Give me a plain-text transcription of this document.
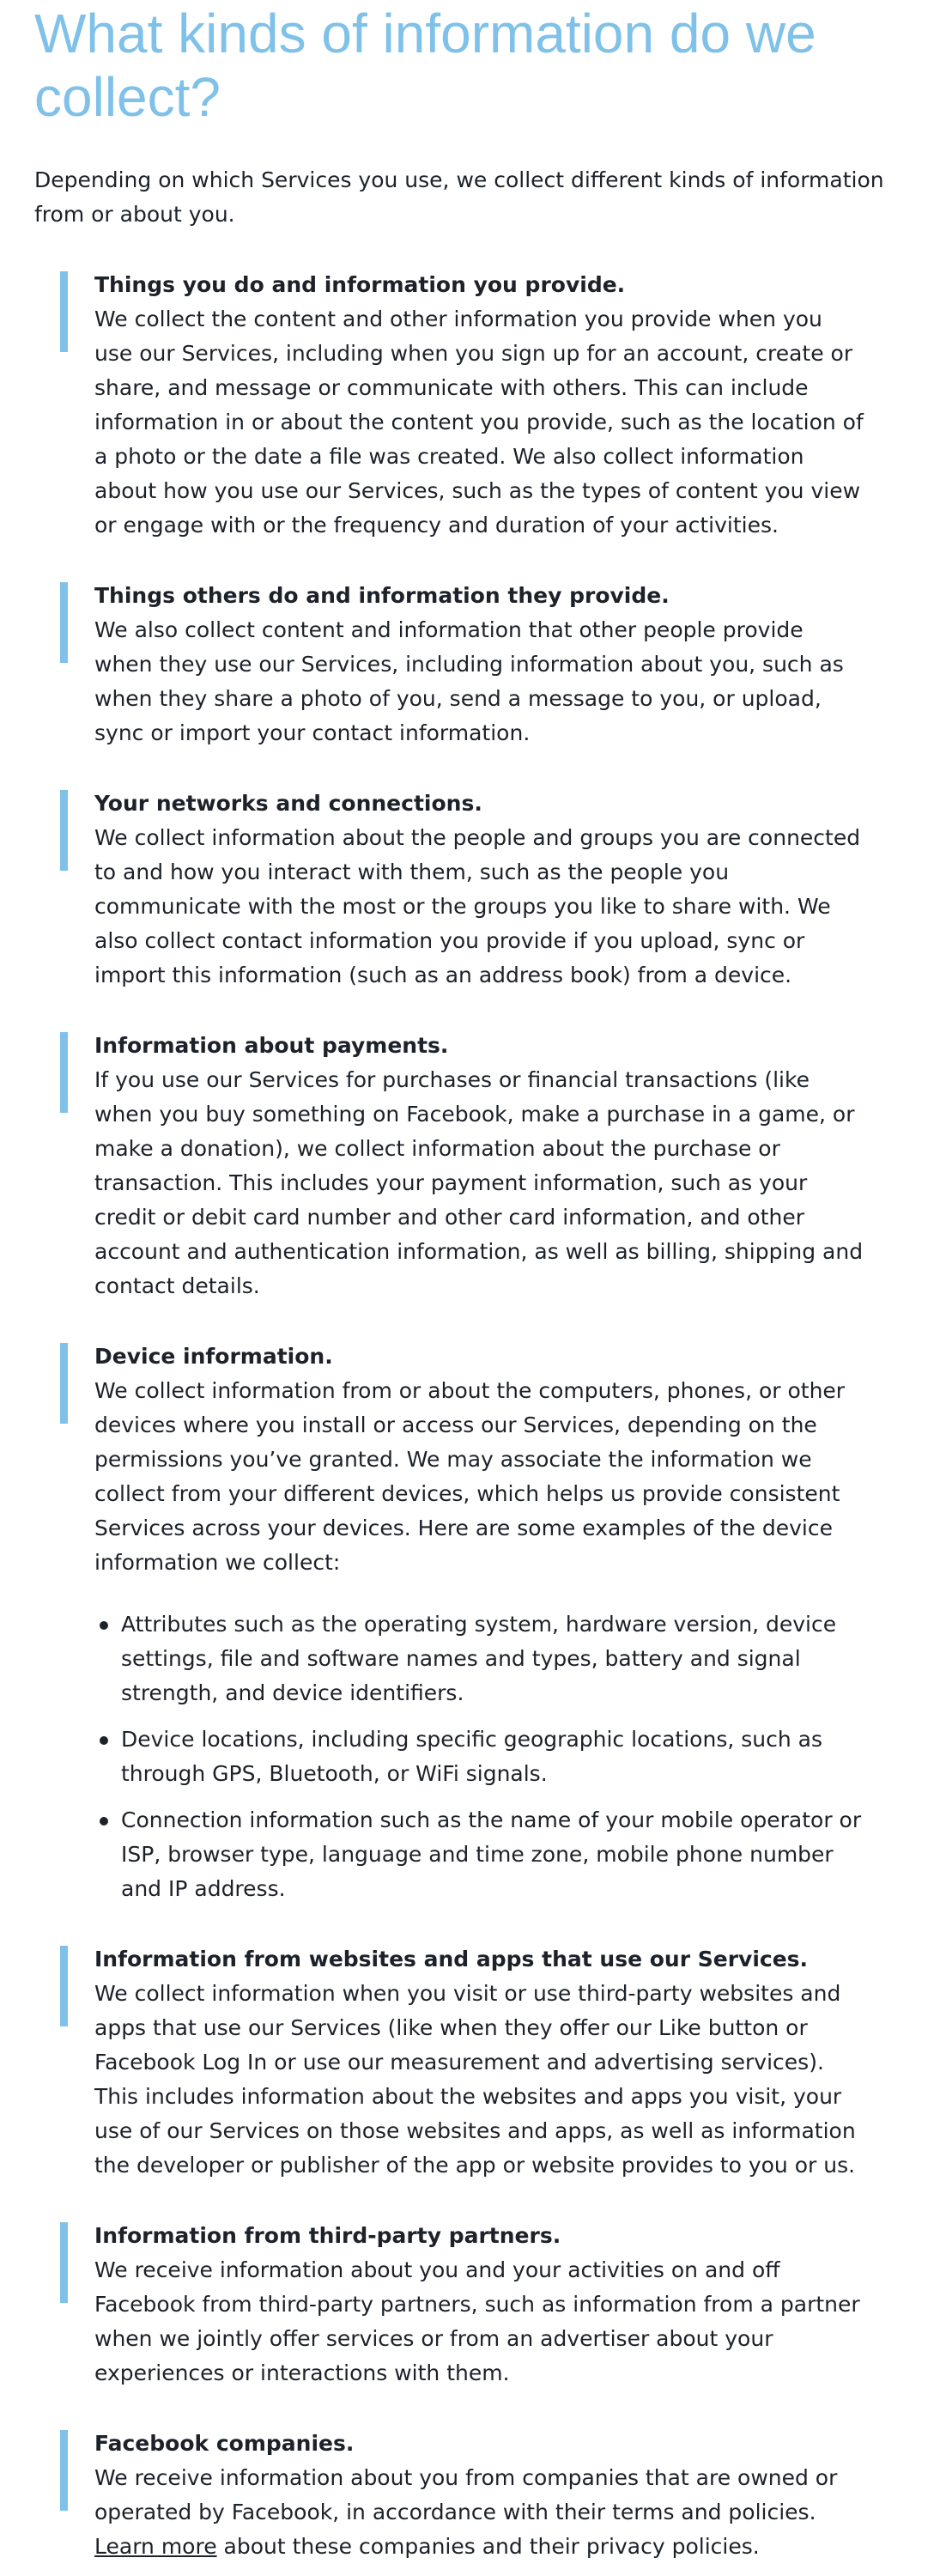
What kinds of information do we collect?

Depending on which Services you use, we collect different kinds of information from or about you.

Things you do and information you provide.

We collect the content and other information you provide when you use our Services, including when you sign up for an account, create or share, and message or communicate with others. This can include information in or about the content you provide, such as the location of a photo or the date a file was created. We also collect information about how you use our Services, such as the types of content you view or engage with or the frequency and duration of your activities.

Things others do and information they provide.

We also collect content and information that other people provide when they use our Services, including information about you, such as when they share a photo of you, send a message to you, or upload, sync or import your contact information.

Your networks and connections.

We collect information about the people and groups you are connected to and how you interact with them, such as the people you communicate with the most or the groups you like to share with. We also collect contact information you provide if you upload, sync or import this information (such as an address book) from a device.

Information about payments.

If you use our Services for purchases or financial transactions (like when you buy something on Facebook, make a purchase in a game, or make a donation), we collect information about the purchase or transaction. This includes your payment information, such as your credit or debit card number and other card information, and other account and authentication information, as well as billing, shipping and contact details.

Device information.

We collect information from or about the computers, phones, or other devices where you install or access our Services, depending on the permissions you’ve granted. We may associate the information we collect from your different devices, which helps us provide consistent Services across your devices. Here are some examples of the device information we collect:

Attributes such as the operating system, hardware version, device settings, file and software names and types, battery and signal strength, and device identifiers.
Device locations, including specific geographic locations, such as through GPS, Bluetooth, or WiFi signals.
Connection information such as the name of your mobile operator or ISP, browser type, language and time zone, mobile phone number and IP address.

Information from websites and apps that use our Services.

We collect information when you visit or use third-party websites and apps that use our Services (like when they offer our Like button or Facebook Log In or use our measurement and advertising services). This includes information about the websites and apps you visit, your use of our Services on those websites and apps, as well as information the developer or publisher of the app or website provides to you or us.

Information from third-party partners.

We receive information about you and your activities on and off Facebook from third-party partners, such as information from a partner when we jointly offer services or from an advertiser about your experiences or interactions with them.

Facebook companies.

We receive information about you from companies that are owned or operated by Facebook, in accordance with their terms and policies. Learn more about these companies and their privacy policies.
